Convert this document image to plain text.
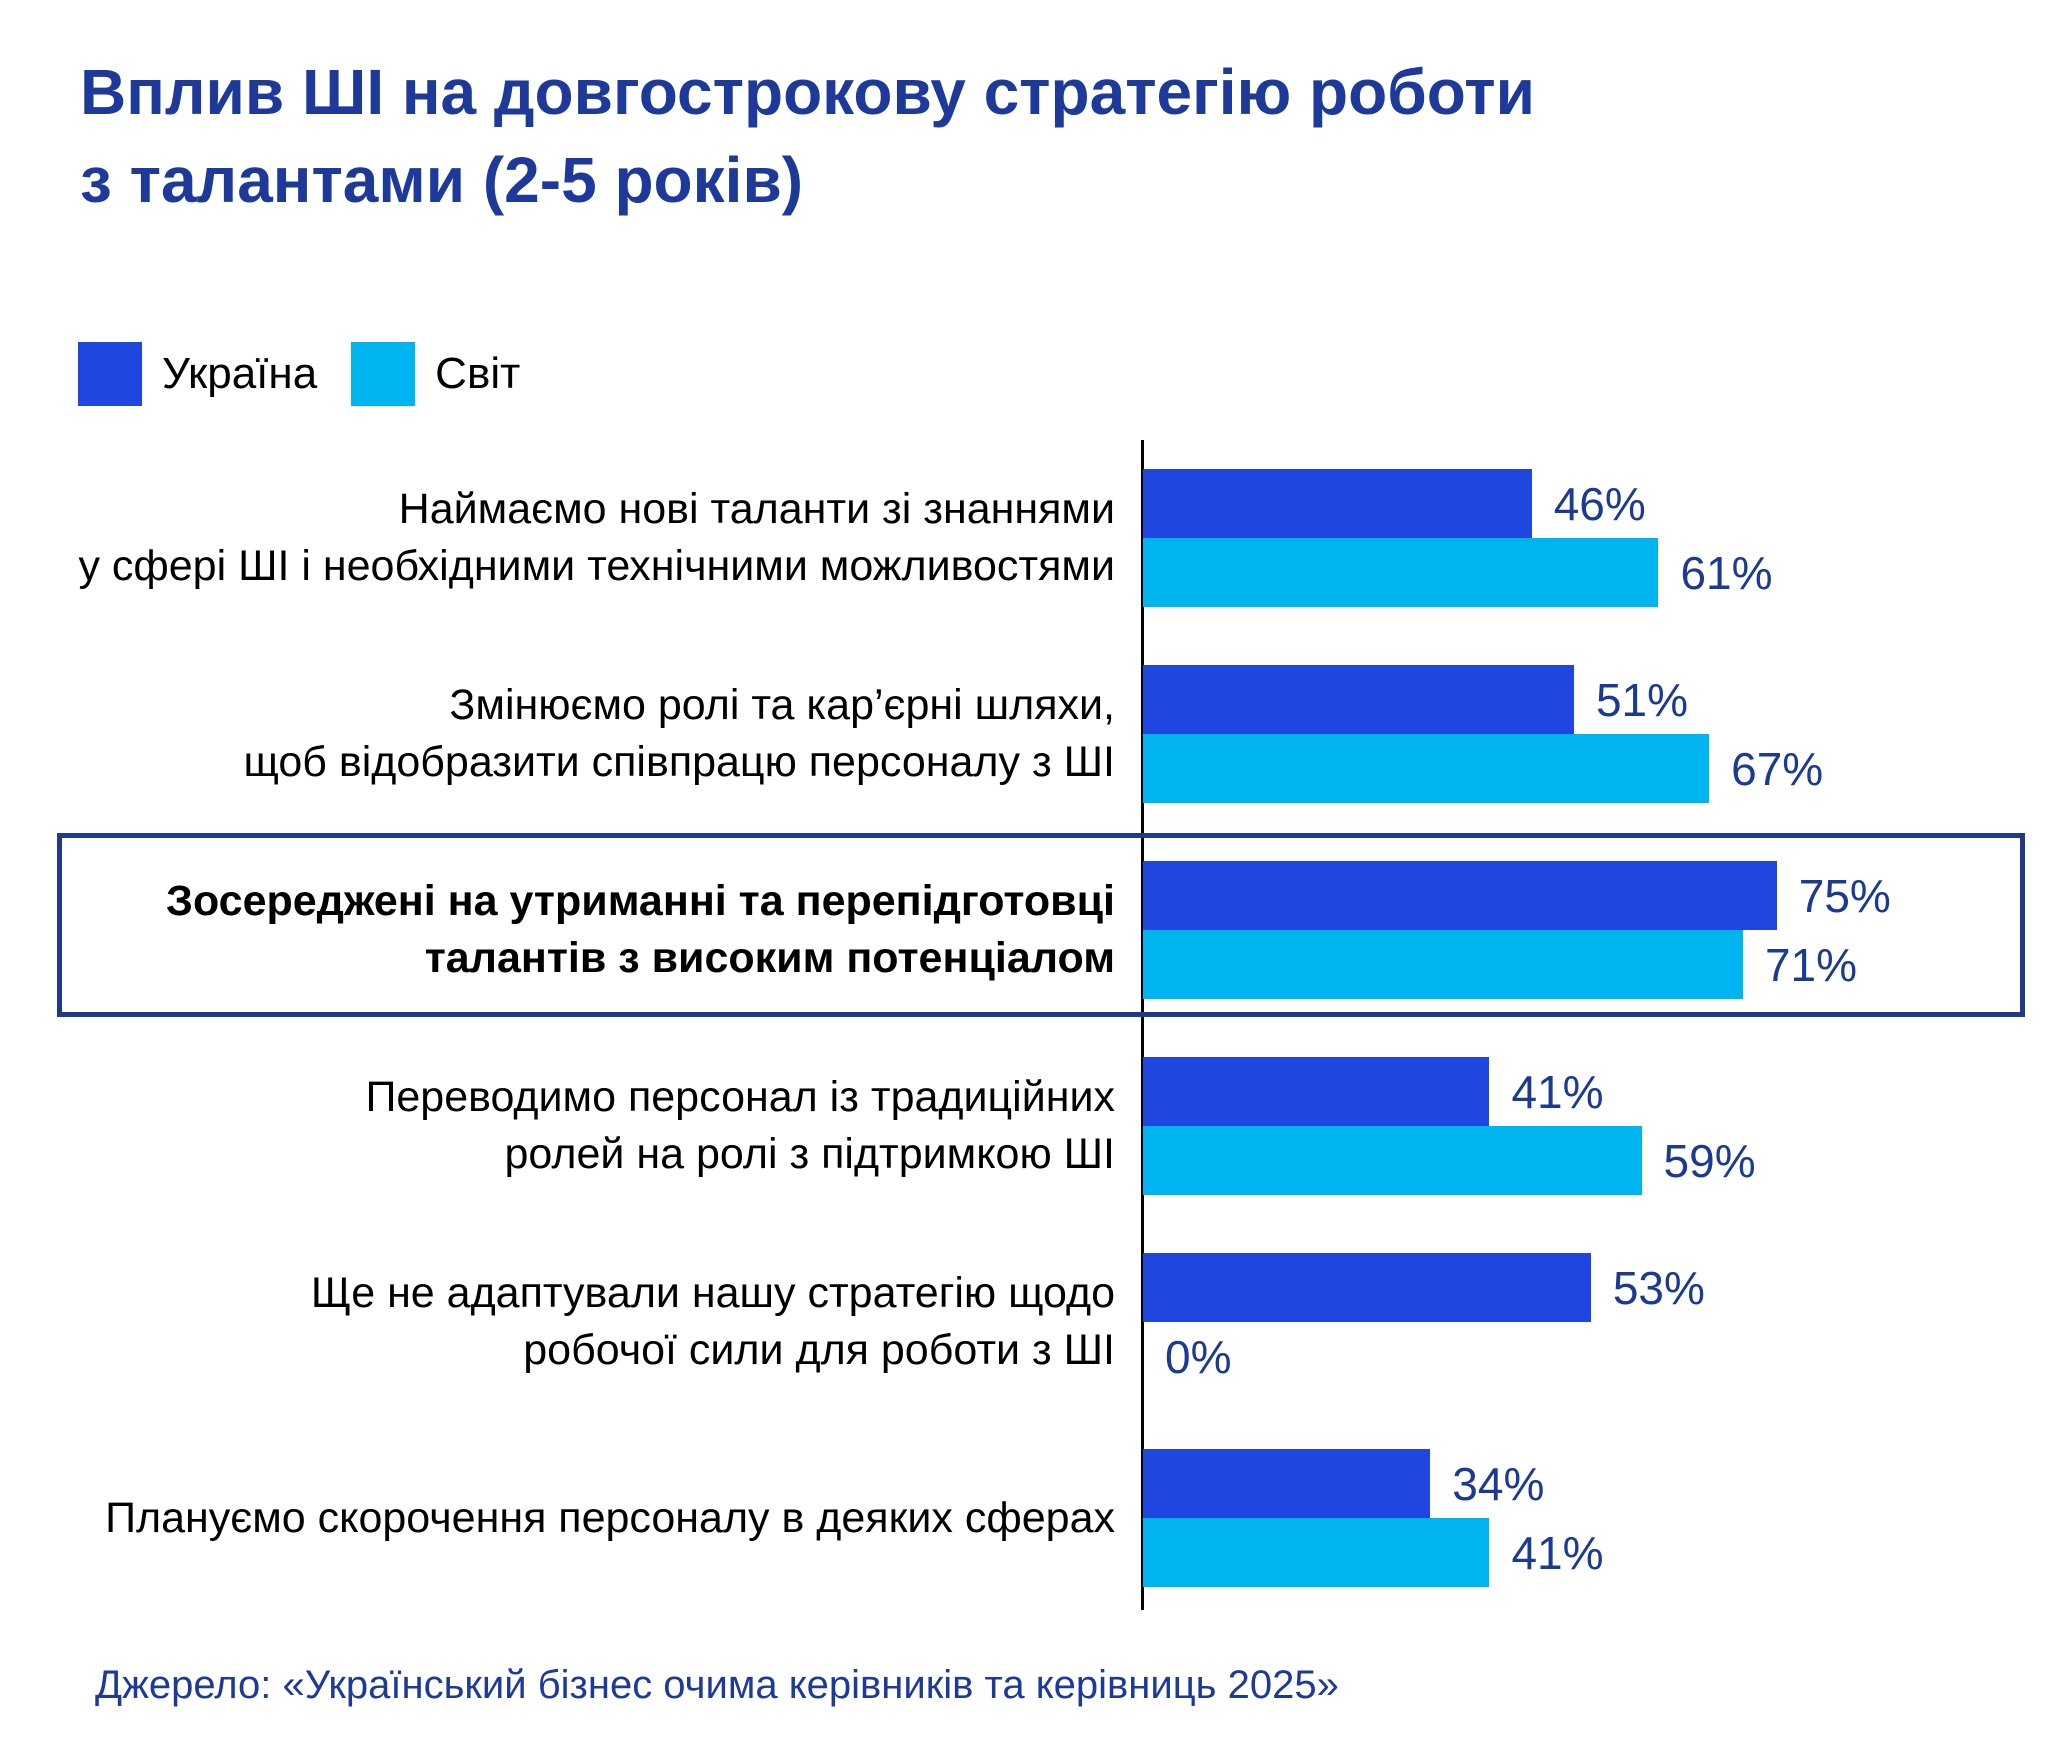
Вплив ШІ на довгострокову стратегію роботи
з талантами (2-5 років)
Україна	Світ
Наймаємо нові таланти зі знаннями
у сфері ШІ і необхідними технічними можливостями
46%
61%
Змінюємо ролі та кар’єрні шляхи,
щоб відобразити співпрацю персоналу з ШІ
51%
67%
Зосереджені на утриманні та перепідготовці
талантів з високим потенціалом
75%
71%
Переводимо персонал із традиційних
ролей на ролі з підтримкою ШІ
41%
59%
Ще не адаптували нашу стратегію щодо
робочої сили для роботи з ШІ
53%
0%
Плануємо скорочення персоналу в деяких сферах
34%
41%
Джерело: «Український бізнес очима керівників та керівниць 2025»
